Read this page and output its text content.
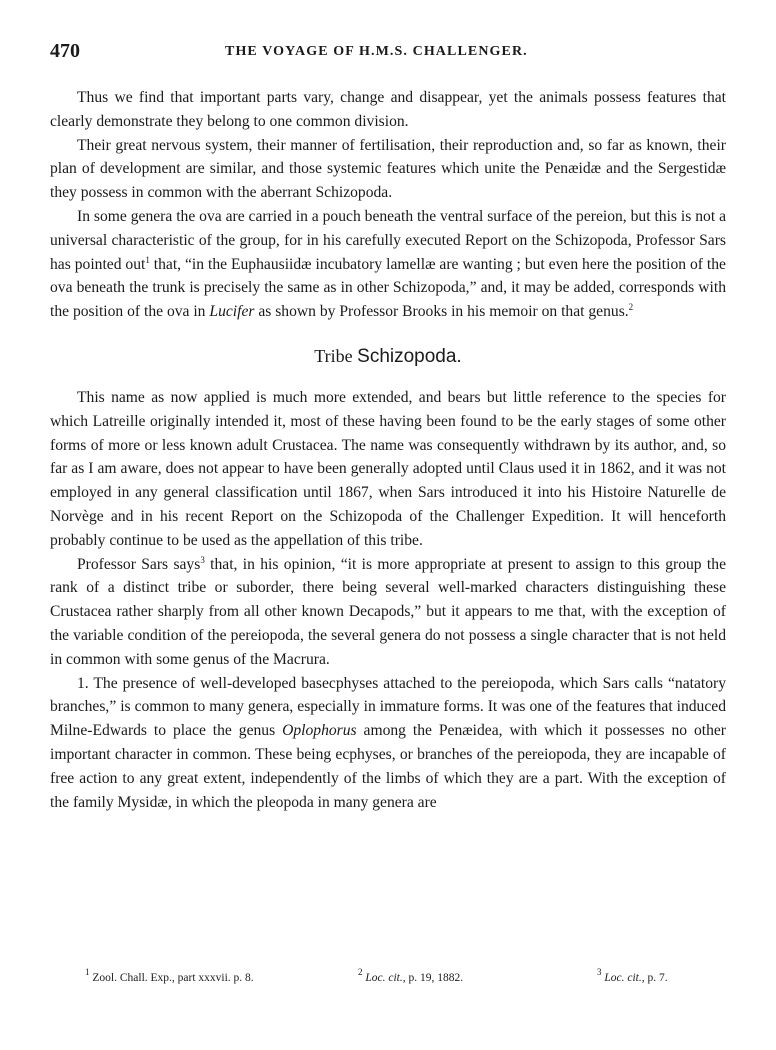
470	THE VOYAGE OF H.M.S. CHALLENGER.

Thus we find that important parts vary, change and disappear, yet the animals possess features that clearly demonstrate they belong to one common division.

Their great nervous system, their manner of fertilisation, their reproduction and, so far as known, their plan of development are similar, and those systemic features which unite the Penæidæ and the Sergestidæ they possess in common with the aberrant Schizopoda.

In some genera the ova are carried in a pouch beneath the ventral surface of the pereion, but this is not a universal characteristic of the group, for in his carefully executed Report on the Schizopoda, Professor Sars has pointed out$^1$ that, “in the Euphausiidæ incubatory lamellæ are wanting ; but even here the position of the ova beneath the trunk is precisely the same as in other Schizopoda,” and, it may be added, corresponds with the position of the ova in Lucifer as shown by Professor Brooks in his memoir on that genus.$^2$

Tribe Schizopoda.

This name as now applied is much more extended, and bears but little reference to the species for which Latreille originally intended it, most of these having been found to be the early stages of some other forms of more or less known adult Crustacea. The name was consequently withdrawn by its author, and, so far as I am aware, does not appear to have been generally adopted until Claus used it in 1862, and it was not employed in any general classification until 1867, when Sars introduced it into his Histoire Naturelle de Norvège and in his recent Report on the Schizopoda of the Challenger Expedition. It will henceforth probably continue to be used as the appellation of this tribe.

Professor Sars says$^3$ that, in his opinion, “it is more appropriate at present to assign to this group the rank of a distinct tribe or suborder, there being several well-marked characters distinguishing these Crustacea rather sharply from all other known Decapods,” but it appears to me that, with the exception of the variable condition of the pereiopoda, the several genera do not possess a single character that is not held in common with some genus of the Macrura.

1. The presence of well-developed basecphyses attached to the pereiopoda, which Sars calls “natatory branches,” is common to many genera, especially in immature forms. It was one of the features that induced Milne-Edwards to place the genus Oplophorus among the Penæidea, with which it possesses no other important character in common. These being ecphyses, or branches of the pereiopoda, they are incapable of free action to any great extent, independently of the limbs of which they are a part. With the exception of the family Mysidæ, in which the pleopoda in many genera are

$^1$ Zool. Chall. Exp., part xxxvii. p. 8.	$^2$ Loc. cit., p. 19, 1882.	$^3$ Loc. cit., p. 7.
